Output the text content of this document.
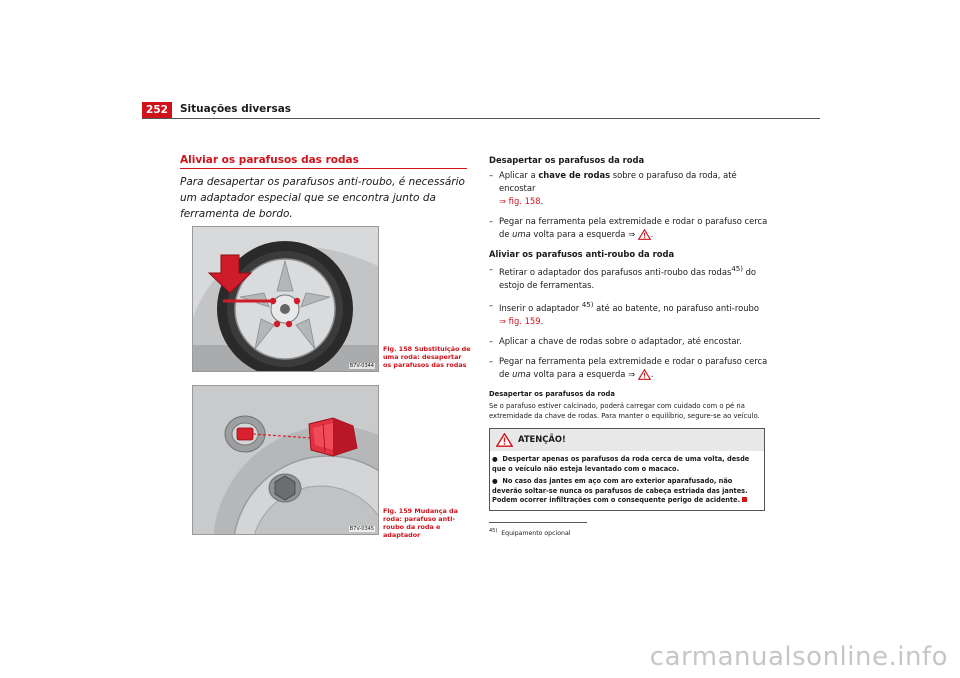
252	Situações diversas
Aliviar os parafusos das rodas
Para desapertar os parafusos anti-roubo, é necessário um adaptador especial que se encontra junto da ferramenta de bordo.
B7V-0344
Fig. 158 Substituição de uma roda: desapertar os parafusos das rodas
B7V-0345
Fig. 159 Mudança da roda: parafuso anti-roubo da roda e adaptador
Desapertar os parafusos da roda
– Aplicar a chave de rodas sobre o parafuso da roda, até encostar
⇒ fig. 158.
– Pegar na ferramenta pela extremidade e rodar o parafuso cerca de uma volta para a esquerda ⇒ .
Aliviar os parafusos anti-roubo da roda
– Retirar o adaptador dos parafusos anti-roubo das rodas$^{45)}$ do estojo de ferramentas.
– Inserir o adaptador $^{45)}$ até ao batente, no parafuso anti-roubo
⇒ fig. 159.
– Aplicar a chave de rodas sobre o adaptador, até encostar.
– Pegar na ferramenta pela extremidade e rodar o parafuso cerca de uma volta para a esquerda ⇒ .
Desapertar os parafusos da roda
Se o parafuso estiver calcinado, poderá carregar com cuidado com o pé na extremidade da chave de rodas. Para manter o equilíbrio, segure-se ao veículo.
ATENÇÃO!
●  Despertar apenas os parafusos da roda cerca de uma volta, desde que o veículo não esteja levantado com o macaco.
●  No caso das jantes em aço com aro exterior aparafusado, não deverão soltar-se nunca os parafusos de cabeça estriada das jantes. Podem ocorrer infiltrações com o consequente perigo de acidente.
$^{45)}$ Equipamento opcional
carmanualsonline.info
